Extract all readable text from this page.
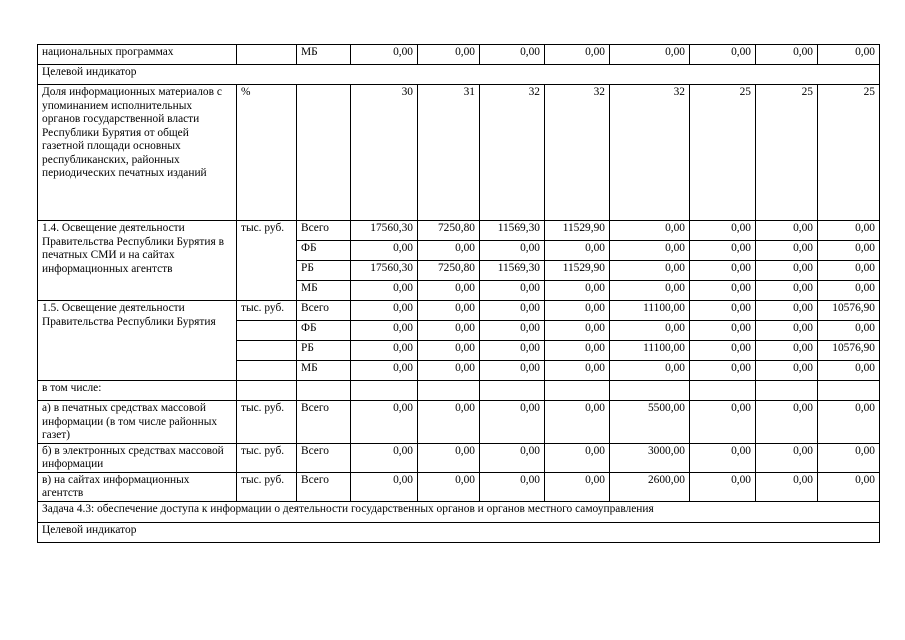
национальных программах		МБ	0,00	0,00	0,00	0,00	0,00	0,00	0,00	0,00
Целевой индикатор										
Доля информационных материалов с упоминанием исполнительных органов государственной власти Республики Бурятия от общей газетной площади основных республиканских, районных периодических печатных изданий	%		30	31	32	32	32	25	25	25
1.4. Освещение деятельности Правительства Республики Бурятия в печатных СМИ и на сайтах информационных агентств	тыс. руб.	Всего	17560,30	7250,80	11569,30	11529,90	0,00	0,00	0,00	0,00
		ФБ	0,00	0,00	0,00	0,00	0,00	0,00	0,00	0,00
		РБ	17560,30	7250,80	11569,30	11529,90	0,00	0,00	0,00	0,00
		МБ	0,00	0,00	0,00	0,00	0,00	0,00	0,00	0,00
1.5. Освещение деятельности Правительства Республики Бурятия	тыс. руб.	Всего	0,00	0,00	0,00	0,00	11100,00	0,00	0,00	10576,90
		ФБ	0,00	0,00	0,00	0,00	0,00	0,00	0,00	0,00
		РБ	0,00	0,00	0,00	0,00	11100,00	0,00	0,00	10576,90
		МБ	0,00	0,00	0,00	0,00	0,00	0,00	0,00	0,00
в том числе:										
а) в печатных средствах массовой информации (в том числе районных газет)	тыс. руб.	Всего	0,00	0,00	0,00	0,00	5500,00	0,00	0,00	0,00
б) в электронных средствах массовой информации	тыс. руб.	Всего	0,00	0,00	0,00	0,00	3000,00	0,00	0,00	0,00
в) на сайтах информационных агентств	тыс. руб.	Всего	0,00	0,00	0,00	0,00	2600,00	0,00	0,00	0,00
Задача 4.3: обеспечение доступа к информации о деятельности государственных органов и органов местного самоуправления										
Целевой индикатор										
